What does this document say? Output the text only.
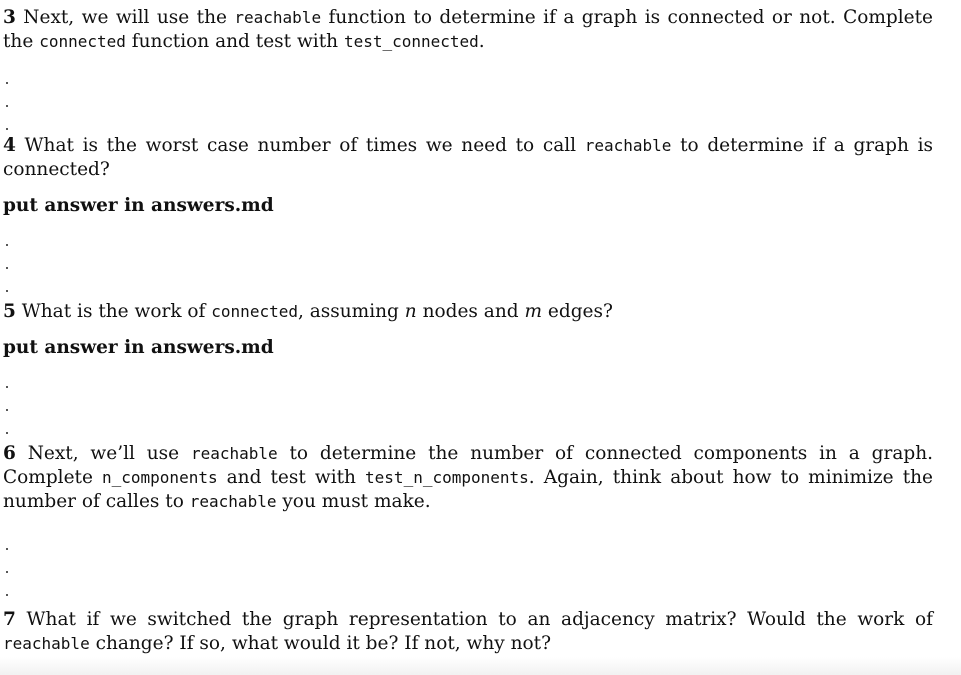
3 Next, we will use the reachable function to determine if a graph is connected or not. Complete the connected function and test with test_connected.

4 What is the worst case number of times we need to call reachable to determine if a graph is connected?

put answer in answers.md

5 What is the work of connected, assuming n nodes and m edges?

put answer in answers.md

6 Next, we’ll use reachable to determine the number of connected components in a graph. Complete n_components and test with test_n_components. Again, think about how to minimize the number of calles to reachable you must make.

7 What if we switched the graph representation to an adjacency matrix? Would the work of reachable change? If so, what would it be? If not, why not?
